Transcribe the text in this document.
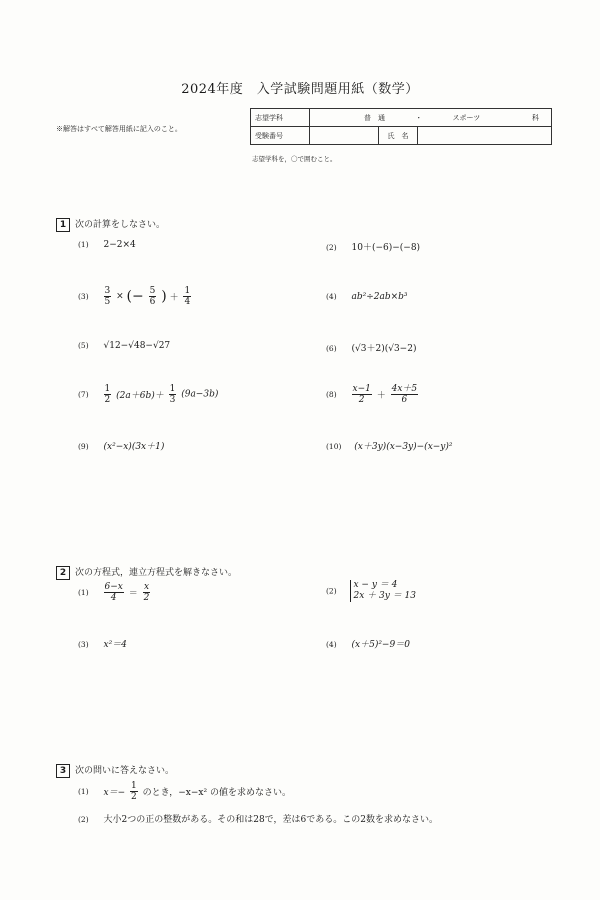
2024年度　入学試験問題用紙（数学）
※解答はすべて解答用紙に記入のこと。
志望学科	普　通 ・ スポーツ 科		

受験番号		氏　名	
志望学科を，〇で囲むこと。
1 次の計算をしなさい。
(1) 2−2×4	(2) 10＋(−6)−(−8)
$(3) \frac{3}{5}$ × (− $\frac{5}{6}$ ) ＋ $\frac{1}{4}$	(4) ab²÷2ab×b³
(5) √12−√48−√27	(6) (√3＋2)(√3−2)
$(7) \frac{1}{2} (2a+6b)+ \frac{1}{3} (9a-3b)$	$(8) \frac{x-1}{2} + \frac{4x+5}{6}$
(9) (x²−x)(3x＋1)	(10) (x＋3y)(x−3y)−(x−y)²
2 次の方程式，連立方程式を解きなさい。
$(1) \frac{6-x}{4} = \frac{x}{2}$	(2)
x − y ＝ 4
2x ＋ 3y ＝ 13
(3) x²＝4	(4) (x＋5)²−9＝0
3 次の問いに答えなさい。
(1) $x=- \frac{1}{2}$ のとき，−x−x² の値を求めなさい。
(2) 大小2つの正の整数がある。その和は28で，差は6である。この2数を求めなさい。
